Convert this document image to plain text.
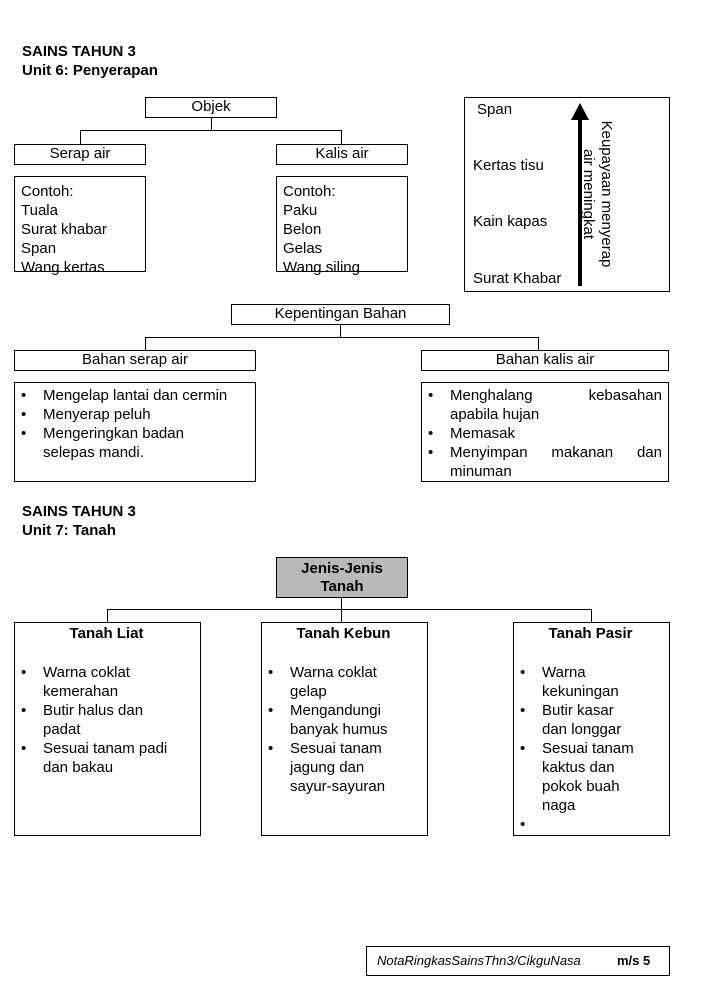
SAINS TAHUN 3
Unit 6: Penyerapan
Objek
Serap air	Kalis air
Contoh:
Tuala
Surat khabar
Span
Wang kertas
Contoh:
Paku
Belon
Gelas
Wang siling
Span
Kertas tisu
Kain kapas
Surat Khabar
Keupayaan menyerap
air meningkat
Kepentingan Bahan
Bahan serap air	Bahan kalis air
• Mengelap lantai dan cermin
• Menyerap peluh
• Mengeringkan badan selepas mandi.
• Menghalang kebasahan apabila hujan
• Memasak
• Menyimpan makanan dan minuman
SAINS TAHUN 3
Unit 7: Tanah
Jenis-Jenis Tanah
Tanah Liat
• Warna coklat kemerahan
• Butir halus dan padat
• Sesuai tanam padi dan bakau
Tanah Kebun
• Warna coklat gelap
• Mengandungi banyak humus
• Sesuai tanam jagung dan sayur-sayuran
Tanah Pasir
• Warna kekuningan
• Butir kasar dan longgar
• Sesuai tanam kaktus dan pokok buah naga
•
NotaRingkasSainsThn3/CikguNasa	m/s 5
